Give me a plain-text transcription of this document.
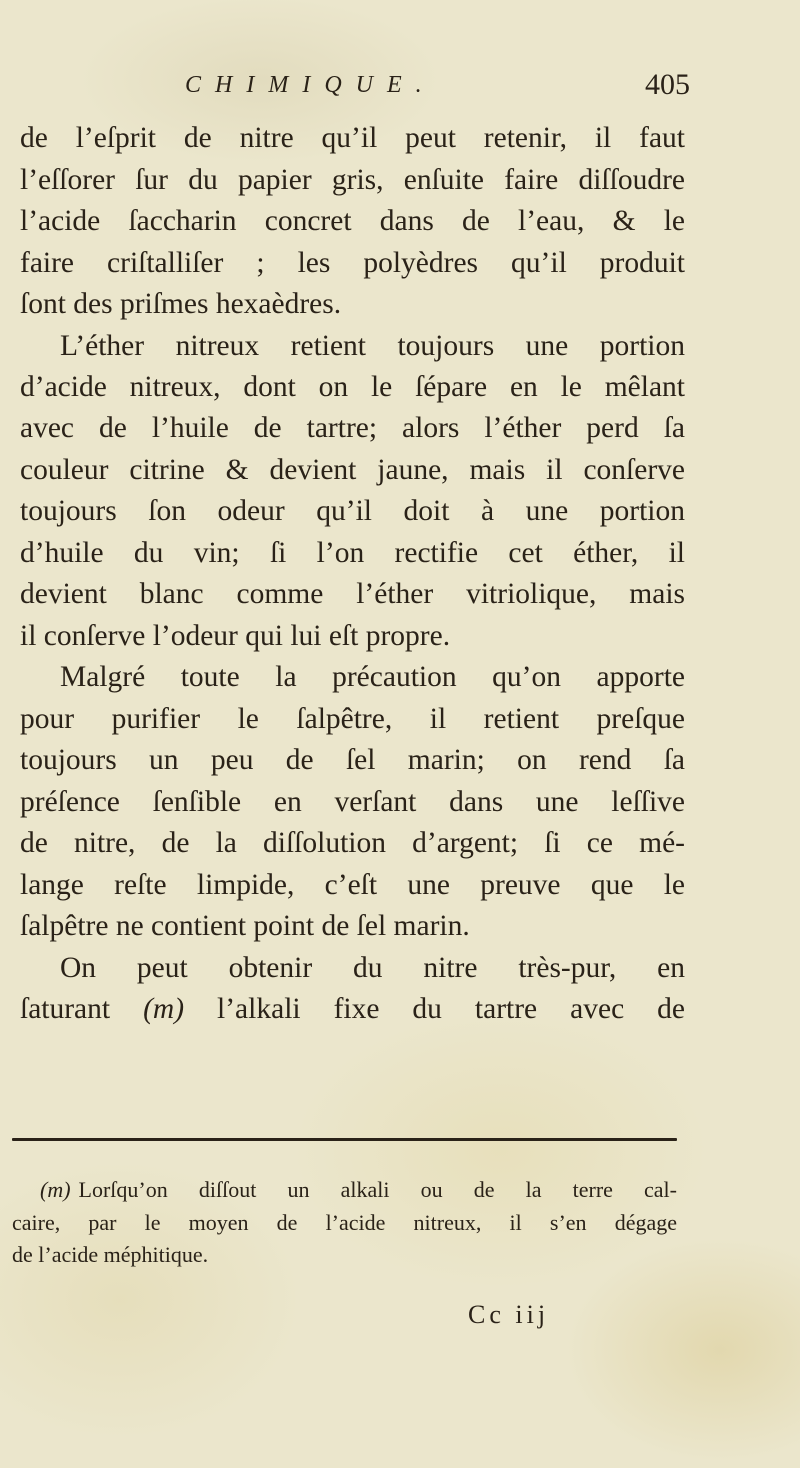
CHIMIQUE.	405
de l’eſprit de nitre qu’il peut retenir, il faut
l’eſſorer ſur du papier gris, enſuite faire diſſoudre
l’acide ſaccharin concret dans de l’eau, & le
faire criſtalliſer ; les polyèdres qu’il produit
ſont des priſmes hexaèdres.
L’éther nitreux retient toujours une portion
d’acide nitreux, dont on le ſépare en le mêlant
avec de l’huile de tartre; alors l’éther perd ſa
couleur citrine & devient jaune, mais il conſerve
toujours ſon odeur qu’il doit à une portion
d’huile du vin; ſi l’on rectifie cet éther, il
devient blanc comme l’éther vitriolique, mais
il conſerve l’odeur qui lui eſt propre.
Malgré toute la précaution qu’on apporte
pour purifier le ſalpêtre, il retient preſque
toujours un peu de ſel marin; on rend ſa
préſence ſenſible en verſant dans une leſſive
de nitre, de la diſſolution d’argent; ſi ce mé-
lange reſte limpide, c’eſt une preuve que le
ſalpêtre ne contient point de ſel marin.
On peut obtenir du nitre très-pur, en
ſaturant (m) l’alkali fixe du tartre avec de
(m) Lorſqu’on diſſout un alkali ou de la terre cal-
caire, par le moyen de l’acide nitreux, il s’en dégage
de l’acide méphitique.
Cc iij
